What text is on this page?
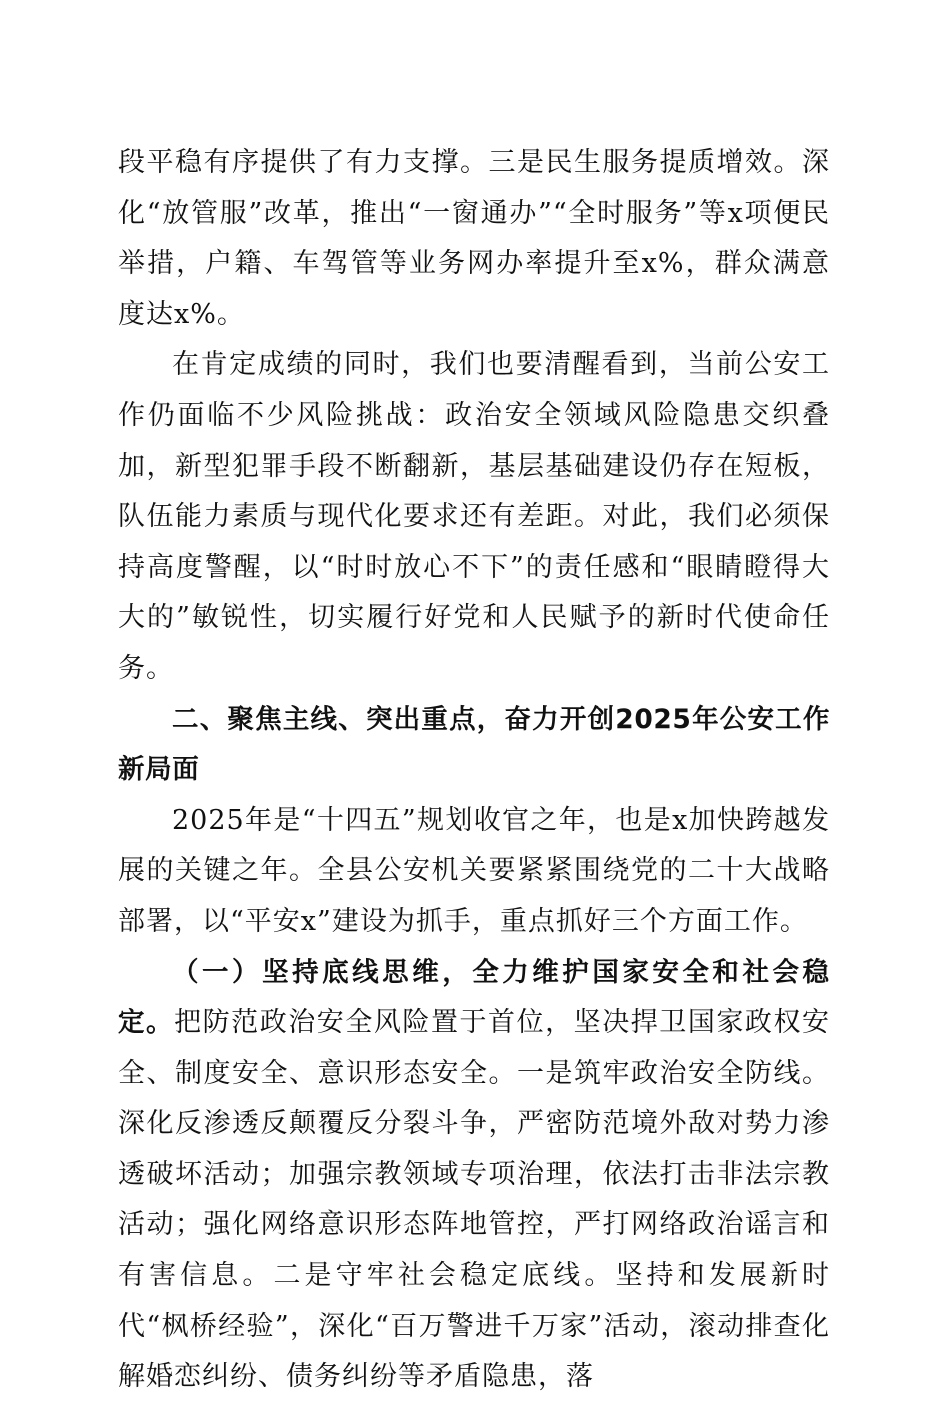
段平稳有序提供了有力支撑。三是民生服务提质增效。深化“放管服”改革，推出“一窗通办”“全时服务”等x项便民举措，户籍、车驾管等业务网办率提升至x%，群众满意度达x%。

在肯定成绩的同时，我们也要清醒看到，当前公安工作仍面临不少风险挑战：政治安全领域风险隐患交织叠加，新型犯罪手段不断翻新，基层基础建设仍存在短板，队伍能力素质与现代化要求还有差距。对此，我们必须保持高度警醒，以“时时放心不下”的责任感和“眼睛瞪得大大的”敏锐性，切实履行好党和人民赋予的新时代使命任务。

二、聚焦主线、突出重点，奋力开创2025年公安工作新局面

2025年是“十四五”规划收官之年，也是x加快跨越发展的关键之年。全县公安机关要紧紧围绕党的二十大战略部署，以“平安x”建设为抓手，重点抓好三个方面工作。

（一）坚持底线思维，全力维护国家安全和社会稳定。把防范政治安全风险置于首位，坚决捍卫国家政权安全、制度安全、意识形态安全。一是筑牢政治安全防线。深化反渗透反颠覆反分裂斗争，严密防范境外敌对势力渗透破坏活动；加强宗教领域专项治理，依法打击非法宗教活动；强化网络意识形态阵地管控，严打网络政治谣言和有害信息。二是守牢社会稳定底线。坚持和发展新时代“枫桥经验”，深化“百万警进千万家”活动，滚动排查化解婚恋纠纷、债务纠纷等矛盾隐患，落
